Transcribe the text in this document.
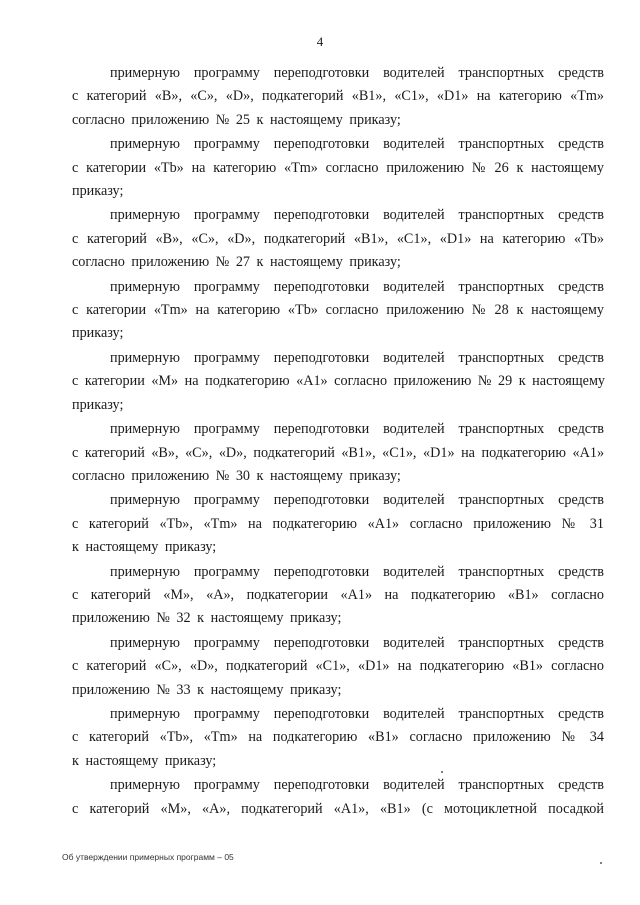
4
примерную программу переподготовки водителей транспортных средств
с категорий «В», «С», «D», подкатегорий «В1», «С1», «D1» на категорию «Tm»
согласно приложению № 25 к настоящему приказу;
примерную программу переподготовки водителей транспортных средств
с категории «Tb» на категорию «Tm» согласно приложению № 26 к настоящему
приказу;
примерную программу переподготовки водителей транспортных средств
с категорий «В», «С», «D», подкатегорий «В1», «С1», «D1» на категорию «Tb»
согласно приложению № 27 к настоящему приказу;
примерную программу переподготовки водителей транспортных средств
с категории «Tm» на категорию «Tb» согласно приложению № 28 к настоящему
приказу;
примерную программу переподготовки водителей транспортных средств
с категории «М» на подкатегорию «А1» согласно приложению № 29 к настоящему
приказу;
примерную программу переподготовки водителей транспортных средств
с категорий «В», «С», «D», подкатегорий «В1», «С1», «D1» на подкатегорию «А1»
согласно приложению № 30 к настоящему приказу;
примерную программу переподготовки водителей транспортных средств
с категорий «Tb», «Tm» на подкатегорию «А1» согласно приложению № 31
к настоящему приказу;
примерную программу переподготовки водителей транспортных средств
с категорий «М», «А», подкатегории «А1» на подкатегорию «В1» согласно
приложению № 32 к настоящему приказу;
примерную программу переподготовки водителей транспортных средств
с категорий «С», «D», подкатегорий «С1», «D1» на подкатегорию «В1» согласно
приложению № 33 к настоящему приказу;
примерную программу переподготовки водителей транспортных средств
с категорий «Tb», «Tm» на подкатегорию «В1» согласно приложению № 34
к настоящему приказу;
примерную программу переподготовки водителей транспортных средств
с категорий «М», «А», подкатегорий «А1», «В1» (с мотоциклетной посадкой
Об утверждении примерных программ – 05
